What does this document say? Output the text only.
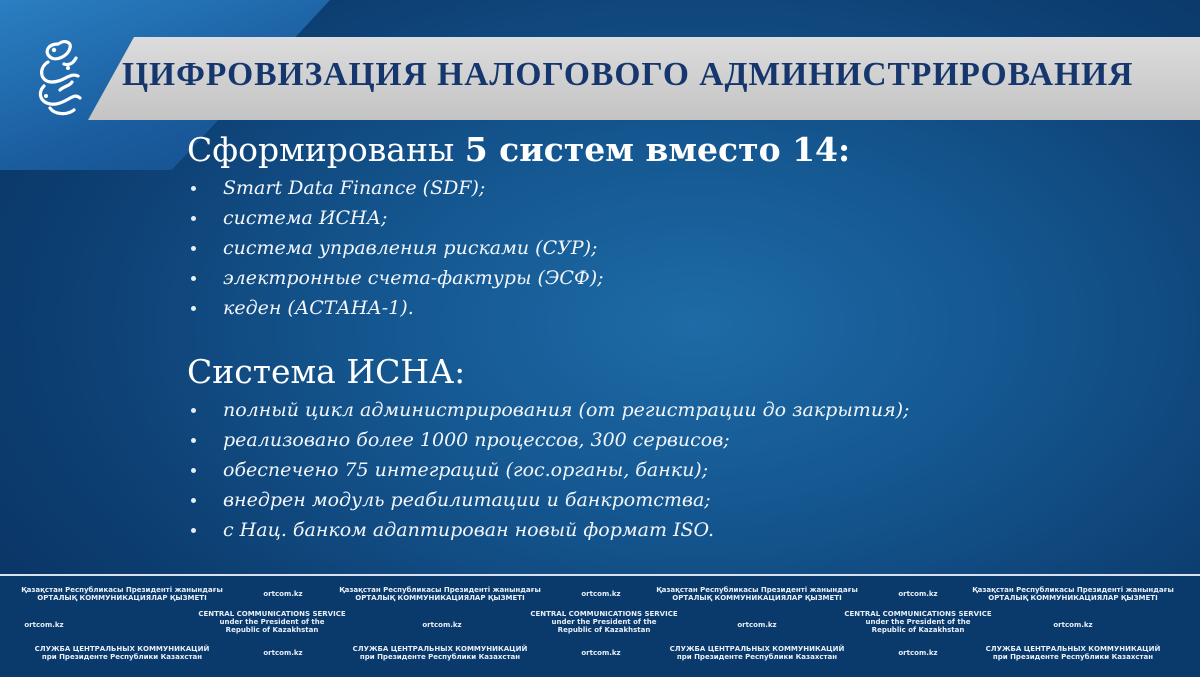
ЦИФРОВИЗАЦИЯ НАЛОГОВОГО АДМИНИСТРИРОВАНИЯ
Сформированы 5 систем вместо 14:
Smart Data Finance (SDF);
система ИСНА;
система управления рисками (СУР);
электронные счета-фактуры (ЭСФ);
кеден (АСТАНА-1).
Система ИСНА:
полный цикл администрирования (от регистрации до закрытия);
реализовано более 1000 процессов, 300 сервисов;
обеспечено 75 интеграций (гос.органы, банки);
внедрен модуль реабилитации и банкротства;
с Нац. банком адаптирован новый формат ISO.
Қазақстан Республикасы Президенті жанындағы
ОРТАЛЫҚ КОММУНИКАЦИЯЛАР ҚЫЗМЕТІ	ortcom.kz	Қазақстан Республикасы Президенті жанындағы
ОРТАЛЫҚ КОММУНИКАЦИЯЛАР ҚЫЗМЕТІ	ortcom.kz	Қазақстан Республикасы Президенті жанындағы
ОРТАЛЫҚ КОММУНИКАЦИЯЛАР ҚЫЗМЕТІ	ortcom.kz	Қазақстан Республикасы Президенті жанындағы
ОРТАЛЫҚ КОММУНИКАЦИЯЛАР ҚЫЗМЕТІ
ortcom.kz
CENTRAL COMMUNICATIONS SERVICE
under the President of the
Republic of Kazakhstan
ortcom.kz
CENTRAL COMMUNICATIONS SERVICE
under the President of the
Republic of Kazakhstan
ortcom.kz
CENTRAL COMMUNICATIONS SERVICE
under the President of the
Republic of Kazakhstan
ortcom.kz
СЛУЖБА ЦЕНТРАЛЬНЫХ КОММУНИКАЦИЙ
при Президенте Республики Казахстан	ortcom.kz	СЛУЖБА ЦЕНТРАЛЬНЫХ КОММУНИКАЦИЙ
при Президенте Республики Казахстан	ortcom.kz	СЛУЖБА ЦЕНТРАЛЬНЫХ КОММУНИКАЦИЙ
при Президенте Республики Казахстан	ortcom.kz	СЛУЖБА ЦЕНТРАЛЬНЫХ КОММУНИКАЦИЙ
при Президенте Республики Казахстан
